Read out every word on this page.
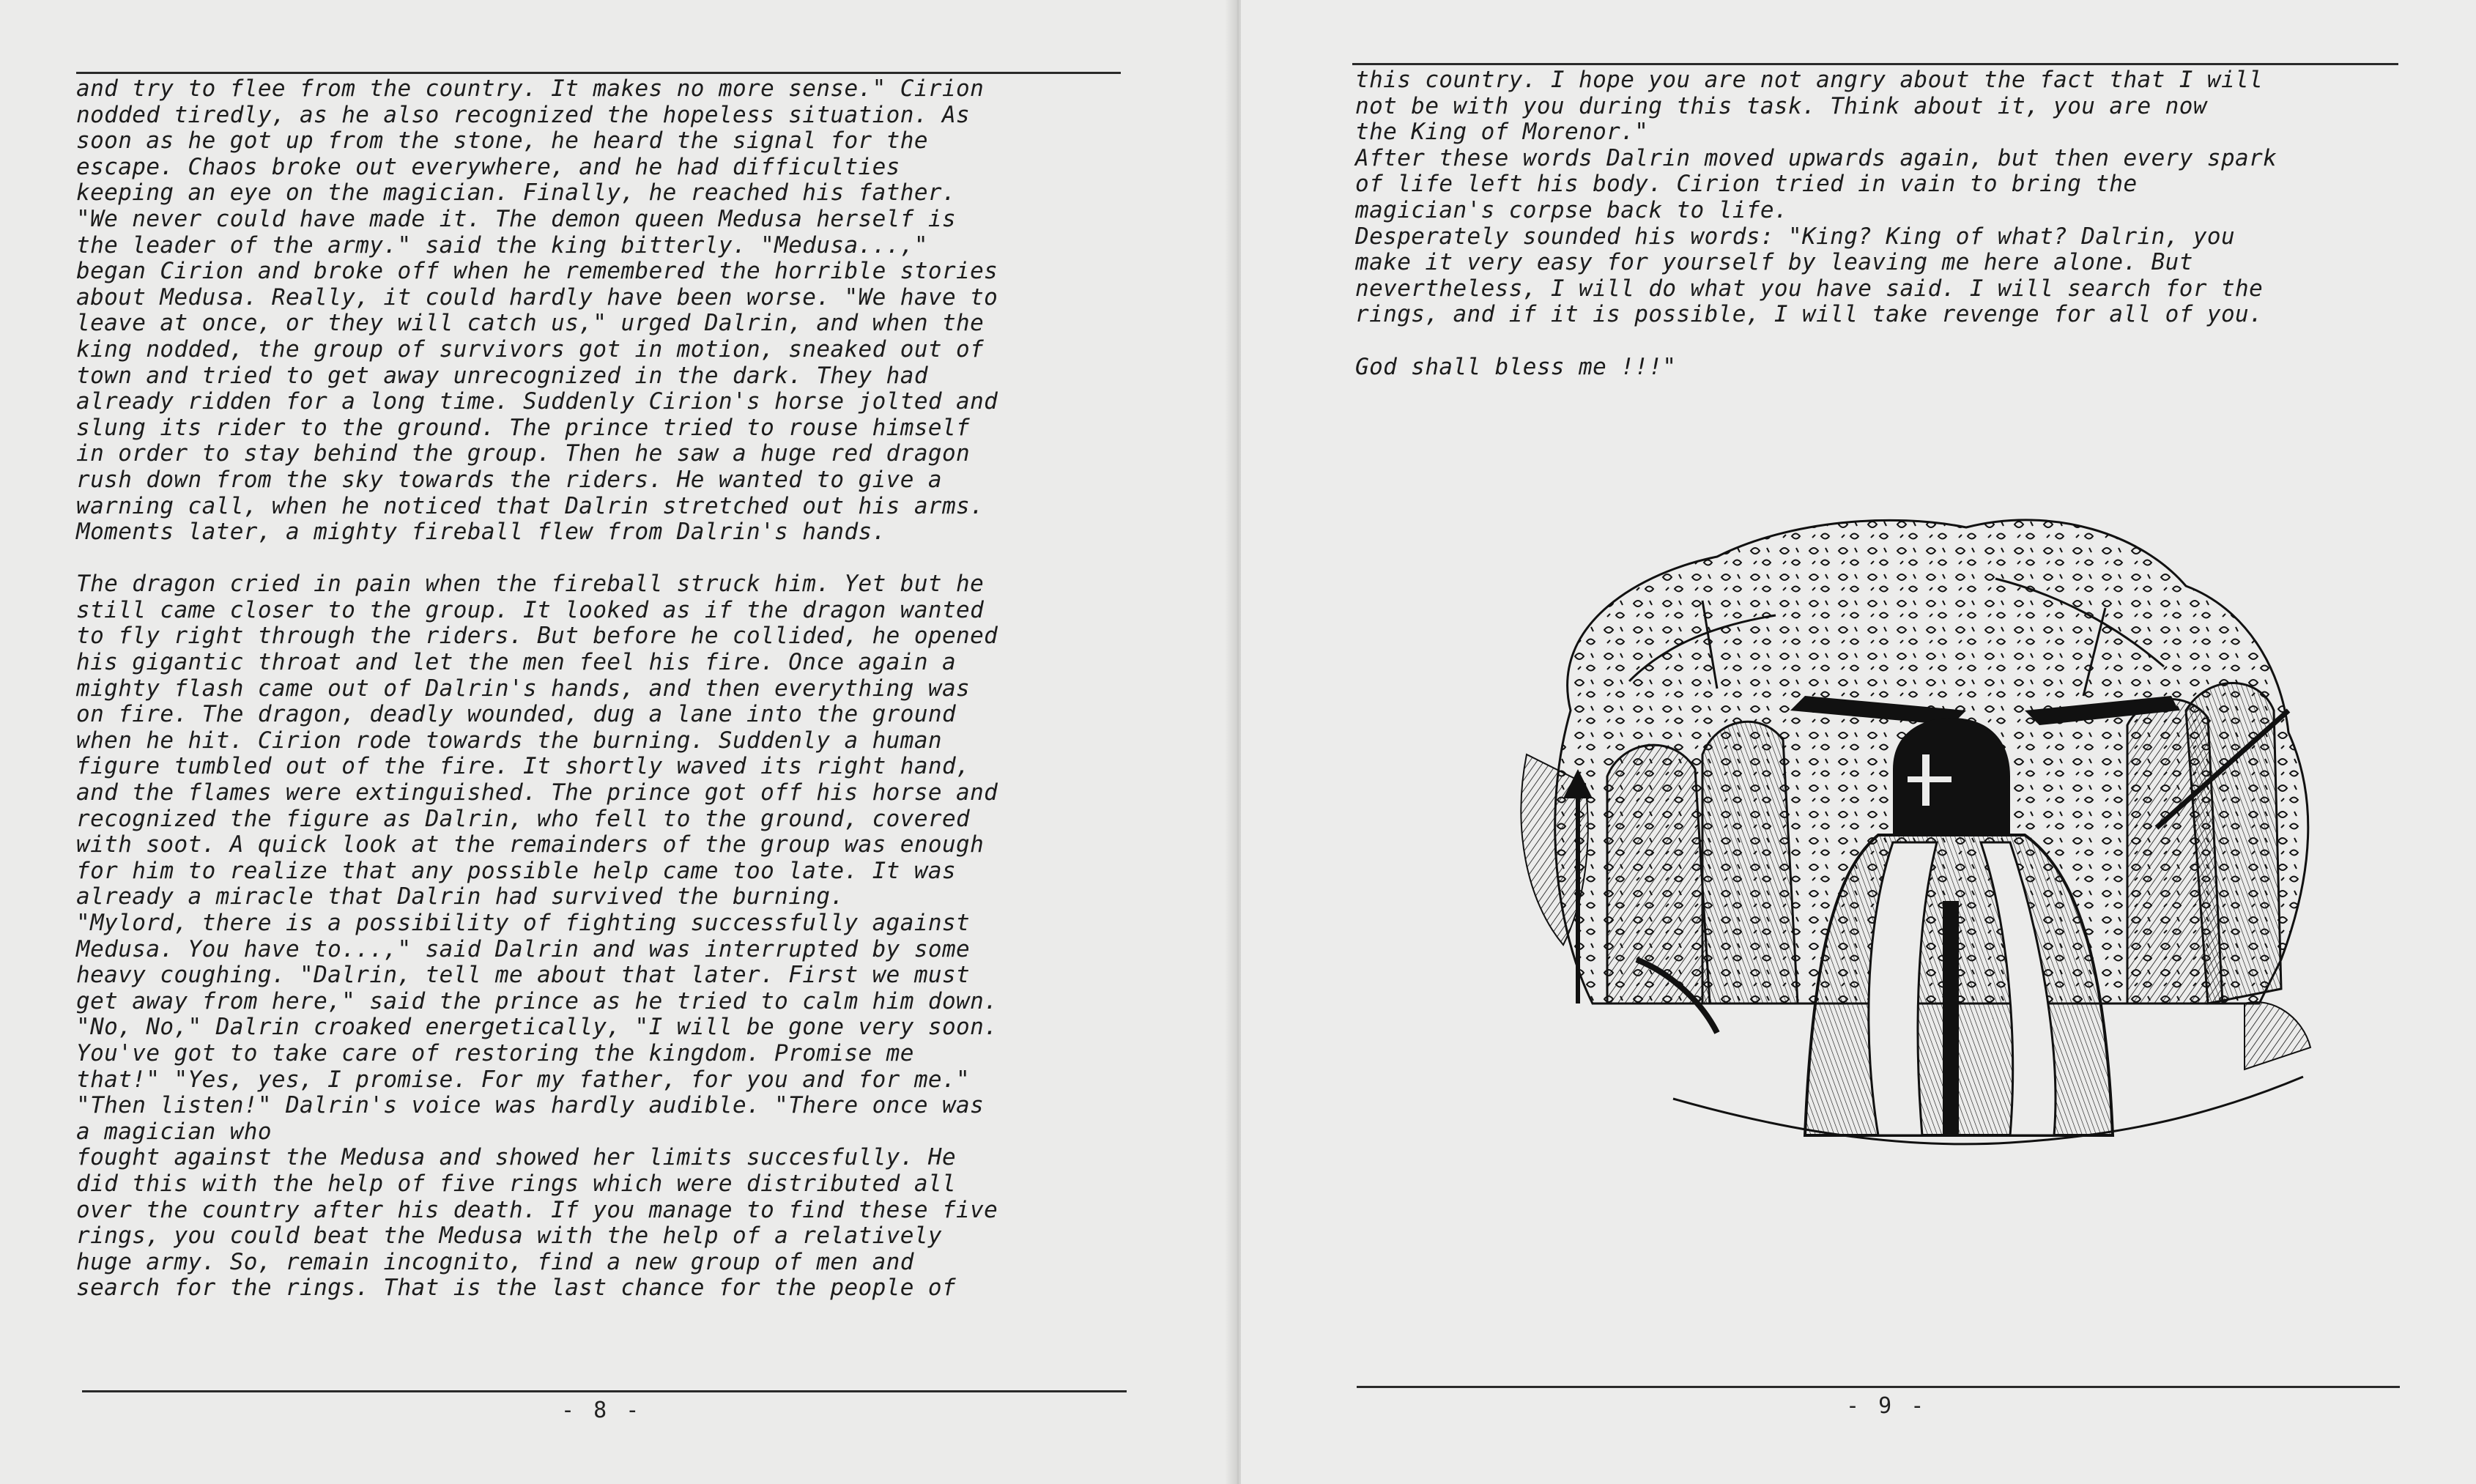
and try to flee from the country. It makes no more sense." Cirion
nodded tiredly, as he also recognized the hopeless situation. As
soon as he got up from the stone, he heard the signal for the
escape. Chaos broke out everywhere, and he had difficulties
keeping an eye on the magician. Finally, he reached his father.
"We never could have made it. The demon queen Medusa herself is
the leader of the army." said the king bitterly. "Medusa...,"
began Cirion and broke off when he remembered the horrible stories
about Medusa. Really, it could hardly have been worse. "We have to
leave at once, or they will catch us," urged Dalrin, and when the
king nodded, the group of survivors got in motion, sneaked out of
town and tried to get away unrecognized in the dark. They had
already ridden for a long time. Suddenly Cirion's horse jolted and
slung its rider to the ground. The prince tried to rouse himself
in order to stay behind the group. Then he saw a huge red dragon
rush down from the sky towards the riders. He wanted to give a
warning call, when he noticed that Dalrin stretched out his arms.
Moments later, a mighty fireball flew from Dalrin's hands.
The dragon cried in pain when the fireball struck him. Yet but he
still came closer to the group. It looked as if the dragon wanted
to fly right through the riders. But before he collided, he opened
his gigantic throat and let the men feel his fire. Once again a
mighty flash came out of Dalrin's hands, and then everything was
on fire. The dragon, deadly wounded, dug a lane into the ground
when he hit. Cirion rode towards the burning. Suddenly a human
figure tumbled out of the fire. It shortly waved its right hand,
and the flames were extinguished. The prince got off his horse and
recognized the figure as Dalrin, who fell to the ground, covered
with soot. A quick look at the remainders of the group was enough
for him to realize that any possible help came too late. It was
already a miracle that Dalrin had survived the burning.
"Mylord, there is a possibility of fighting successfully against
Medusa. You have to...," said Dalrin and was interrupted by some
heavy coughing. "Dalrin, tell me about that later. First we must
get away from here," said the prince as he tried to calm him down.
"No, No," Dalrin croaked energetically, "I will be gone very soon.
You've got to take care of restoring the kingdom. Promise me
that!" "Yes, yes, I promise. For my father, for you and for me."
"Then listen!" Dalrin's voice was hardly audible. "There once was
a magician who
fought against the Medusa and showed her limits succesfully. He
did this with the help of five rings which were distributed all
over the country after his death. If you manage to find these five
rings, you could beat the Medusa with the help of a relatively
huge army. So, remain incognito, find a new group of men and
search for the rings. That is the last chance for the people of
- 8 -
this country. I hope you are not angry about the fact that I will
not be with you during this task. Think about it, you are now
the King of Morenor."
After these words Dalrin moved upwards again, but then every spark
of life left his body. Cirion tried in vain to bring the
magician's corpse back to life.
Desperately sounded his words: "King? King of what? Dalrin, you
make it very easy for yourself by leaving me here alone. But
nevertheless, I will do what you have said. I will search for the
rings, and if it is possible, I will take revenge for all of you.
God shall bless me !!!"
- 9 -
